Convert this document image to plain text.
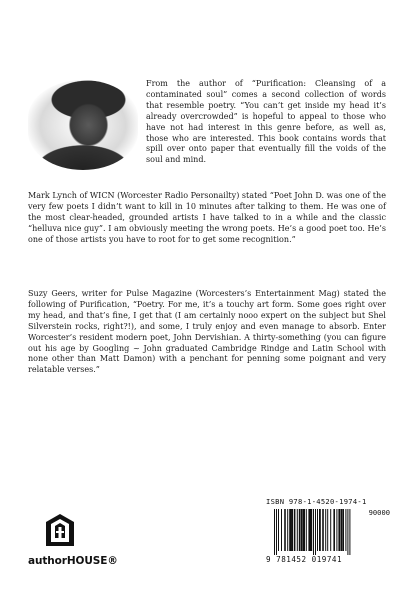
From the author of “Purification: Cleansing of a contaminated soul” comes a second collection of words that resemble poetry. “You can’t get inside my head it’s already overcrowded” is hopeful to appeal to those who have not had interest in this genre before, as well as, those who are interested. This book contains words that spill over onto paper that eventually fill the voids of the soul and mind.

Mark Lynch of WICN (Worcester Radio Personailty) stated “Poet John D. was one of the very few poets I didn’t want to kill in 10 minutes after talking to them. He was one of the most clear-headed, grounded artists I have talked to in a while and the classic “helluva nice guy”. I am obviously meeting the wrong poets. He’s a good poet too. He’s one of those artists you have to root for to get some recognition.”

Suzy Geers, writer for Pulse Magazine (Worcesters’s Entertainment Mag) stated the following of Purification, “Poetry. For me, it’s a touchy art form. Some goes right over my head, and that’s fine, I get that (I am certainly nooo expert on the subject but Shel Silverstein rocks, right?!), and some, I truly enjoy and even manage to absorb. Enter Worcester’s resident modern poet, John Dervishian. A thirty-something (you can figure out his age by Googling ~ John graduated Cambridge Rindge and Latin School with none other than Matt Damon) with a penchant for penning some poignant and very relatable verses.”

authorHOUSE®
ISBN 978-1-4520-1974-1
90000
9 781452 019741
